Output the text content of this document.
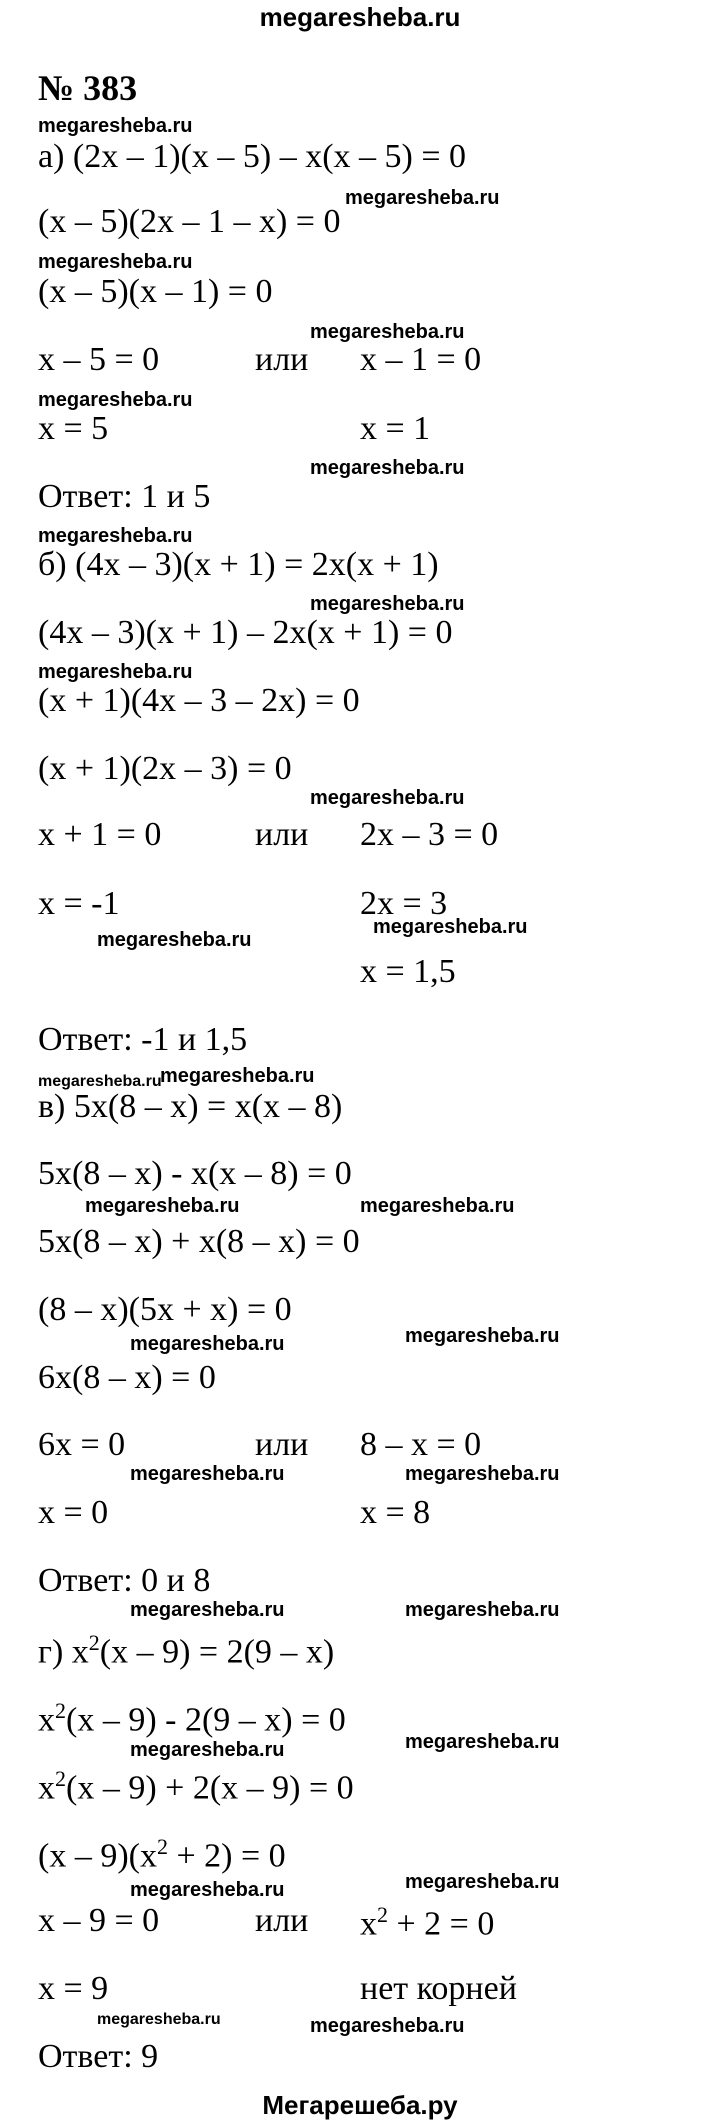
megaresheba.ru
№ 383
а) (2x – 1)(x – 5) – x(x – 5) = 0
(x – 5)(2x – 1 – x) = 0
(x – 5)(x – 1) = 0
x – 5 = 0	или x – 1 = 0
x = 5	x = 1
Ответ: 1 и 5
б) (4x – 3)(x + 1) = 2x(x + 1)
(4x – 3)(x + 1) – 2x(x + 1) = 0
(x + 1)(4x – 3 – 2x) = 0
(x + 1)(2x – 3) = 0
x + 1 = 0	или 2x – 3 = 0
x = -1	2x = 3
x = 1,5
Ответ: -1 и 1,5
в) 5x(8 – x) = x(x – 8)
5x(8 – x) - x(x – 8) = 0
5x(8 – x) + x(8 – x) = 0
(8 – x)(5x + x) = 0
6x(8 – x) = 0
6x = 0	или 8 – x = 0
x = 0	x = 8
Ответ: 0 и 8
г) $x^2(x - 9) = 2(9 - x)$
$x^2(x - 9) - 2(9 - x) = 0$
$x^2(x - 9) + 2(x - 9) = 0$
$(x - 9)(x^2 + 2) = 0$
x – 9 = 0	или $x^2 + 2 = 0$
x = 9	нет корней
Ответ: 9
megaresheba.ru
megaresheba.ru
megaresheba.ru
megaresheba.ru
megaresheba.ru
megaresheba.ru
megaresheba.ru
megaresheba.ru
megaresheba.ru
megaresheba.ru
megaresheba.ru
megaresheba.ru
megaresheba.ru
megaresheba.ru
megaresheba.ru	megaresheba.ru
megaresheba.ru	megaresheba.ru
megaresheba.ru	megaresheba.ru
megaresheba.ru	megaresheba.ru
megaresheba.ru	megaresheba.ru
megaresheba.ru	megaresheba.ru
megaresheba.ru	megaresheba.ru
Мегарешеба.ру
